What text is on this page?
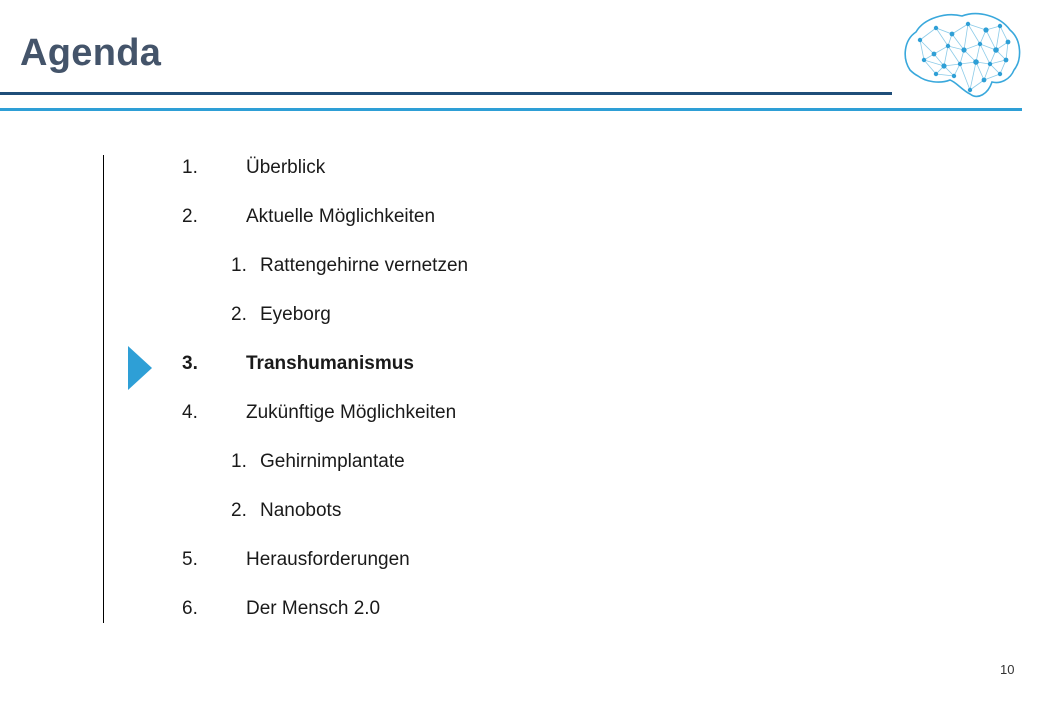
Agenda
1.	Überblick
2.	Aktuelle Möglichkeiten
1. Rattengehirne vernetzen
2. Eyeborg
3.	Transhumanismus
4.	Zukünftige Möglichkeiten
1. Gehirnimplantate
2. Nanobots
5.	Herausforderungen
6.	Der Mensch 2.0
10
